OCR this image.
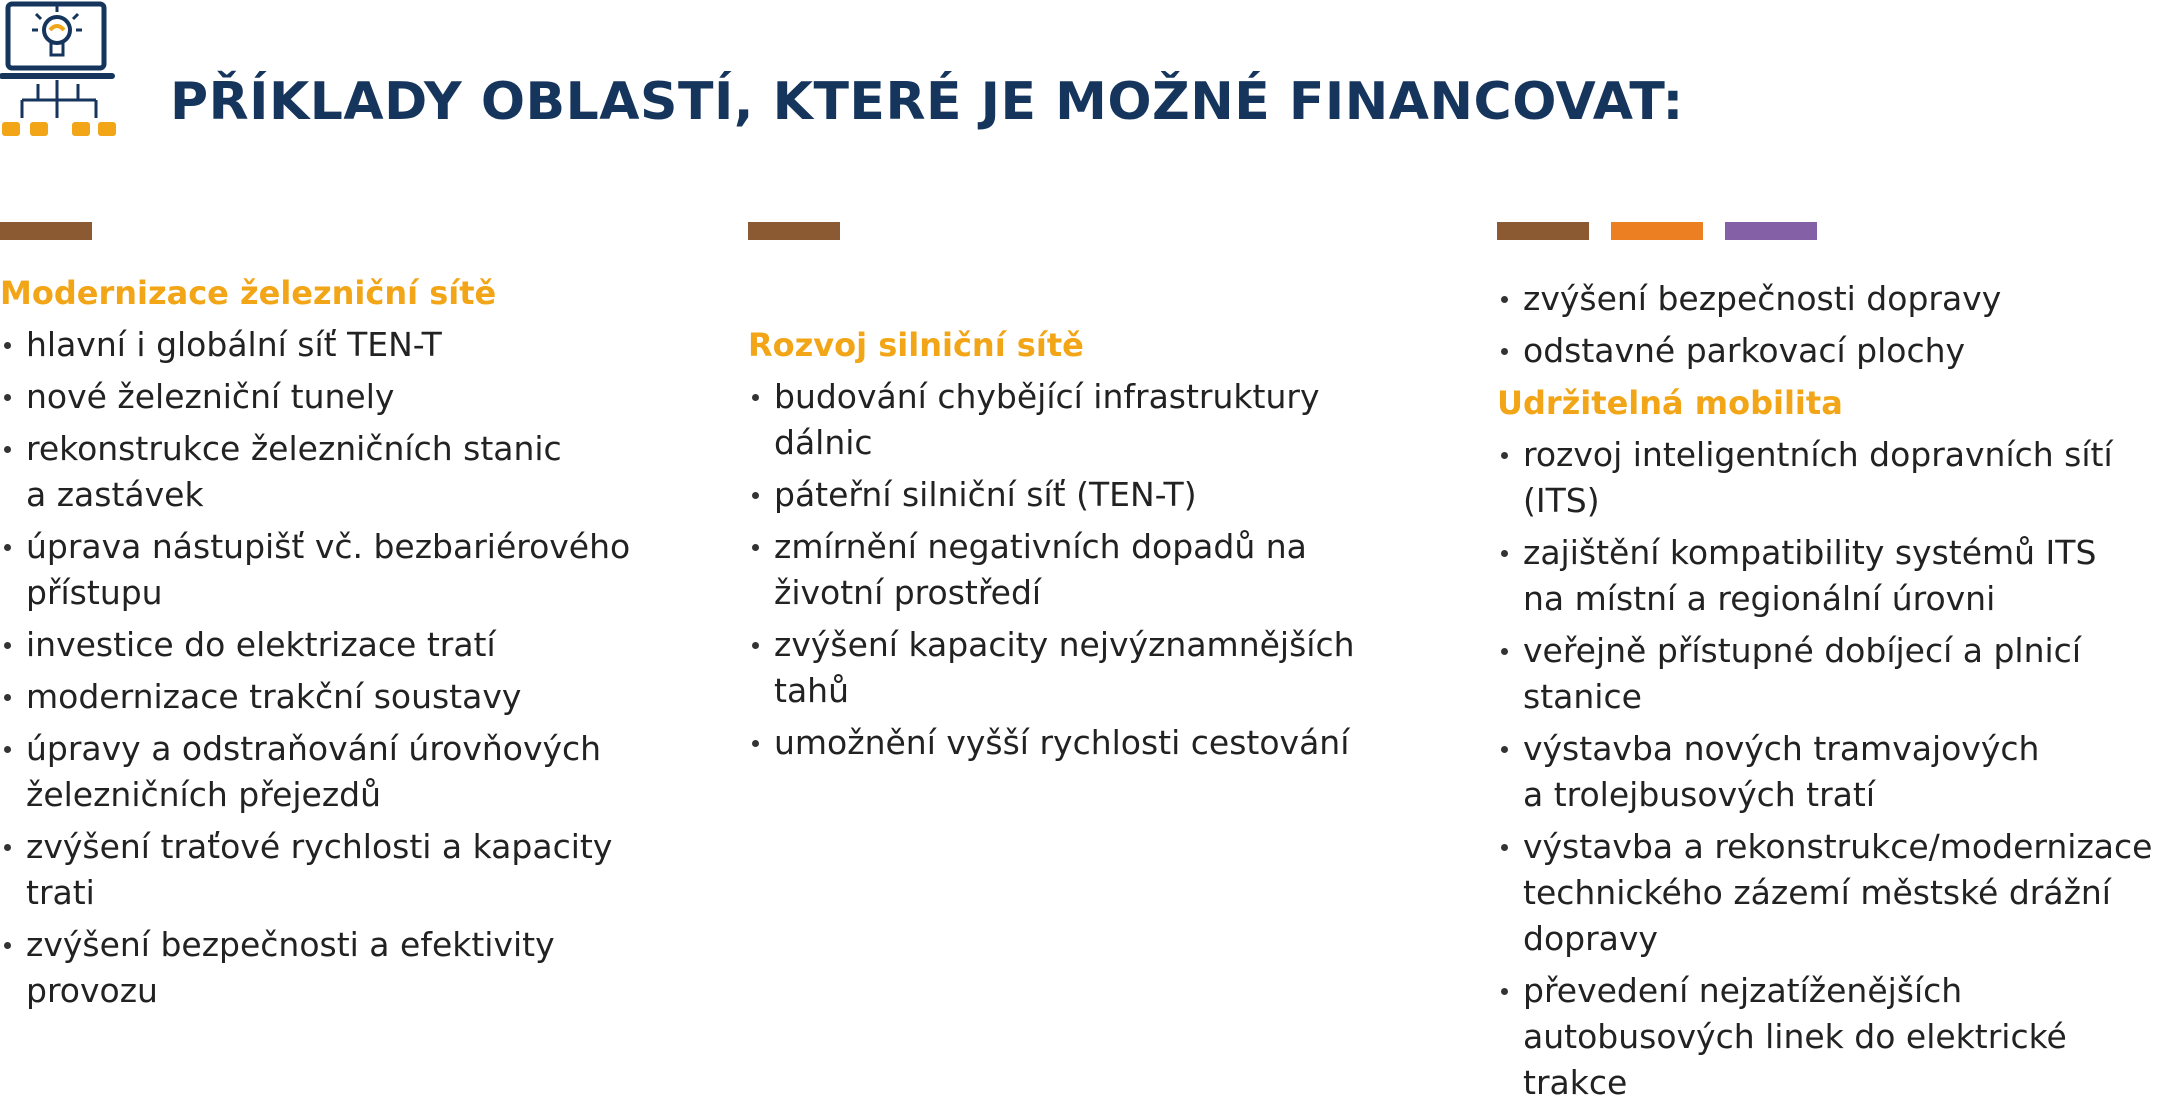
PŘÍKLADY OBLASTÍ, KTERÉ JE MOŽNÉ FINANCOVAT:
Modernizace železniční sítě
hlavní i globální síť TEN-T
nové železniční tunely
rekonstrukce železničních stanic
a zastávek
úprava nástupišť vč. bezbariérového
přístupu
investice do elektrizace tratí
modernizace trakční soustavy
úpravy a odstraňování úrovňových
železničních přejezdů
zvýšení traťové rychlosti a kapacity
trati
zvýšení bezpečnosti a efektivity
provozu
Rozvoj silniční sítě
budování chybějící infrastruktury
dálnic
páteřní silniční síť (TEN-T)
zmírnění negativních dopadů na
životní prostředí
zvýšení kapacity nejvýznamnějších
tahů
umožnění vyšší rychlosti cestování
zvýšení bezpečnosti dopravy
odstavné parkovací plochy
Udržitelná mobilita
rozvoj inteligentních dopravních sítí
(ITS)
zajištění kompatibility systémů ITS
na místní a regionální úrovni
veřejně přístupné dobíjecí a plnicí
stanice
výstavba nových tramvajových
a trolejbusových tratí
výstavba a rekonstrukce/modernizace
technického zázemí městské drážní
dopravy
převedení nejzatíženějších
autobusových linek do elektrické
trakce
